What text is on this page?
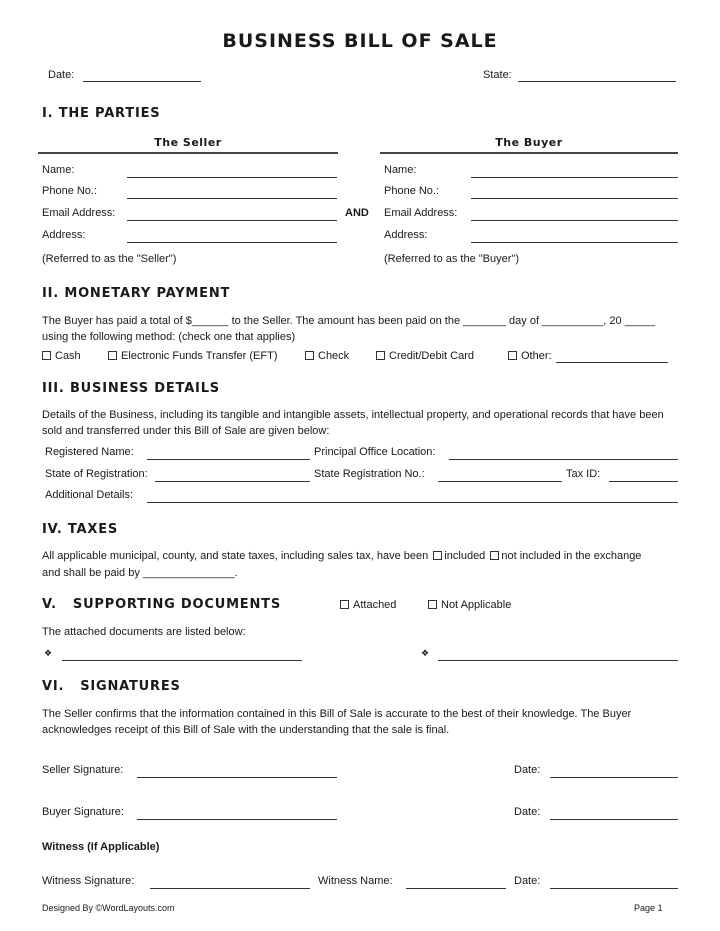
BUSINESS BILL OF SALE
Date:	State:
I. THE PARTIES
The Seller	The Buyer
Name:
Phone No.:
Email Address:
Address:
(Referred to as the "Seller")
AND
Name:
Phone No.:
Email Address:
Address:
(Referred to as the "Buyer")
II. MONETARY PAYMENT
The Buyer has paid a total of $______ to the Seller. The amount has been paid on the _______ day of __________, 20 _____
using the following method: (check one that applies)
Cash	Electronic Funds Transfer (EFT)	Check	Credit/Debit Card	Other:
III. BUSINESS DETAILS
Details of the Business, including its tangible and intangible assets, intellectual property, and operational records that have been sold and transferred under this Bill of Sale are given below:
Registered Name:	Principal Office Location:
State of Registration:	State Registration No.:	Tax ID:
Additional Details:
IV. TAXES
All applicable municipal, county, and state taxes, including sales tax, have been included not included in the exchange
and shall be paid by _______________.
V.   SUPPORTING DOCUMENTS	Attached	Not Applicable
The attached documents are listed below:
❖	❖
VI.   SIGNATURES
The Seller confirms that the information contained in this Bill of Sale is accurate to the best of their knowledge. The Buyer acknowledges receipt of this Bill of Sale with the understanding that the sale is final.
Seller Signature:	Date:
Buyer Signature:	Date:
Witness (If Applicable)
Witness Signature:	Witness Name:	Date:
Designed By ©WordLayouts.com	Page 1
